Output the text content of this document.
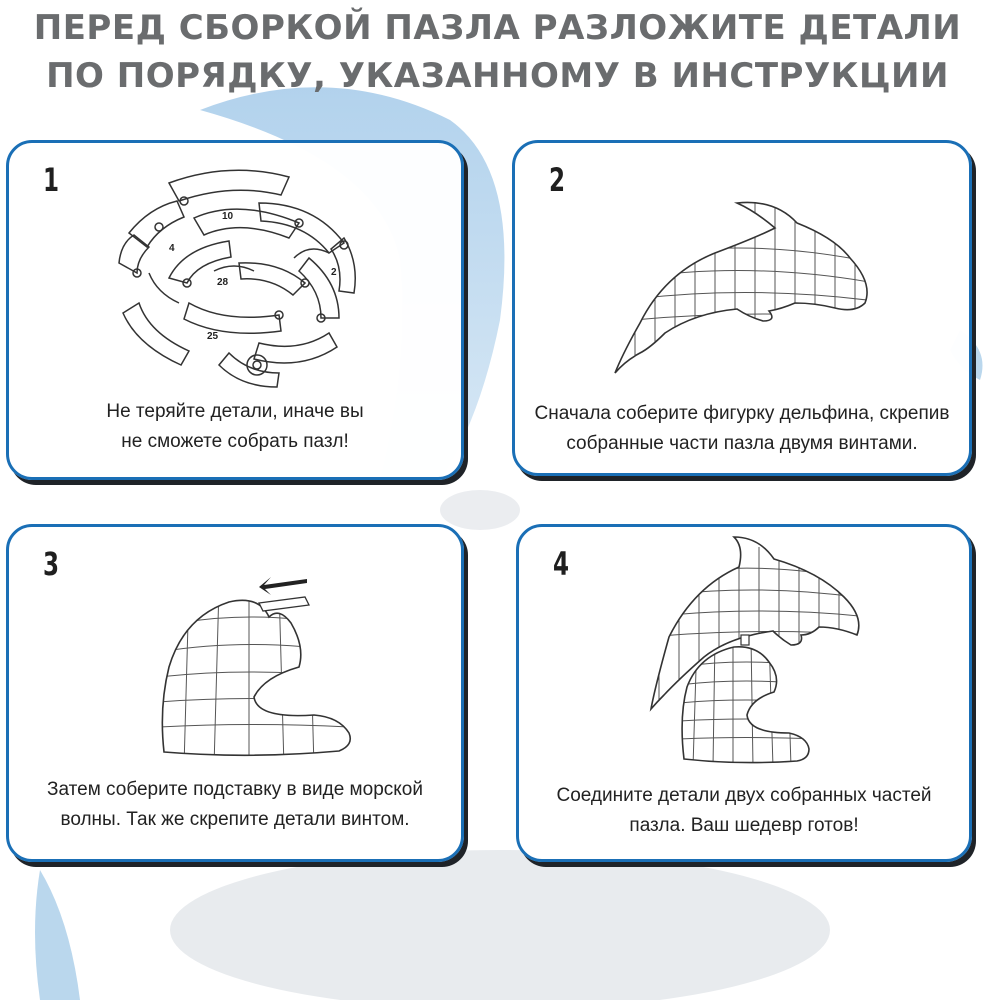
ПЕРЕД СБОРКОЙ ПАЗЛА РАЗЛОЖИТЕ ДЕТАЛИ
ПО ПОРЯДКУ, УКАЗАННОМУ В ИНСТРУКЦИИ
1
4
10
25
2
28
Не теряйте детали, иначе вы
не сможете собрать пазл!
2
Сначала соберите фигурку дельфина, скрепив
собранные части пазла двумя винтами.
3
Затем соберите подставку в виде морской
волны. Так же скрепите детали винтом.
4
Соедините детали двух собранных частей
пазла. Ваш шедевр готов!
